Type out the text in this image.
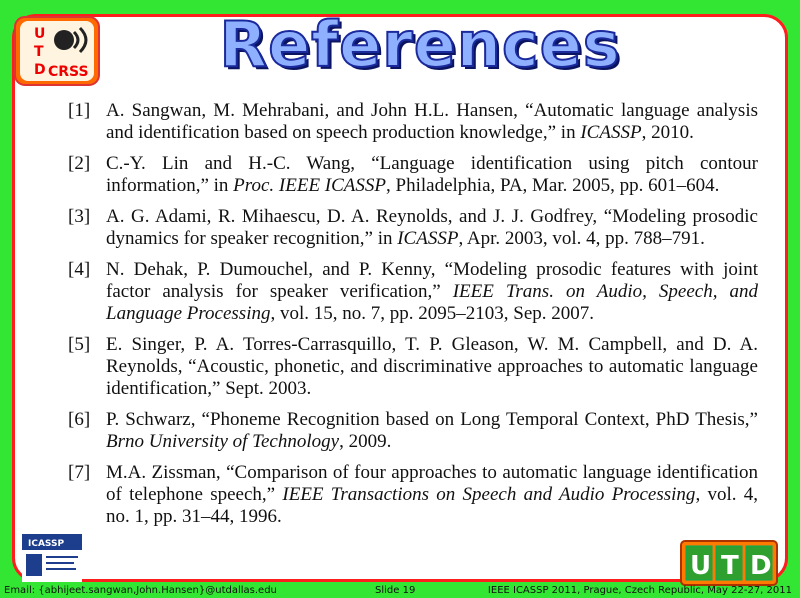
U
T
D CRSS	References
[1] A. Sangwan, M. Mehrabani, and John H.L. Hansen, “Automatic language analysis and identification based on speech production knowledge,” in ICASSP, 2010.
[2] C.-Y. Lin and H.-C. Wang, “Language identification using pitch contour information,” in Proc. IEEE ICASSP, Philadelphia, PA, Mar. 2005, pp. 601–604.
[3] A. G. Adami, R. Mihaescu, D. A. Reynolds, and J. J. Godfrey, “Modeling prosodic dynamics for speaker recognition,” in ICASSP, Apr. 2003, vol. 4, pp. 788–791.
[4] N. Dehak, P. Dumouchel, and P. Kenny, “Modeling prosodic features with joint factor analysis for speaker verification,” IEEE Trans. on Audio, Speech, and Language Processing, vol. 15, no. 7, pp. 2095–2103, Sep. 2007.
[5] E. Singer, P. A. Torres-Carrasquillo, T. P. Gleason, W. M. Campbell, and D. A. Reynolds, “Acoustic, phonetic, and discriminative approaches to automatic language identification,” Sept. 2003.
[6] P. Schwarz, “Phoneme Recognition based on Long Temporal Context, PhD Thesis,” Brno University of Technology, 2009.
[7] M.A. Zissman, “Comparison of four approaches to automatic language identification of telephone speech,” IEEE Transactions on Speech and Audio Processing, vol. 4, no. 1, pp. 31–44, 1996.
ICASSP
U T D
Email: {abhijeet.sangwan,John.Hansen}@utdallas.edu	Slide 19	IEEE ICASSP 2011, Prague, Czech Republic, May 22-27, 2011
